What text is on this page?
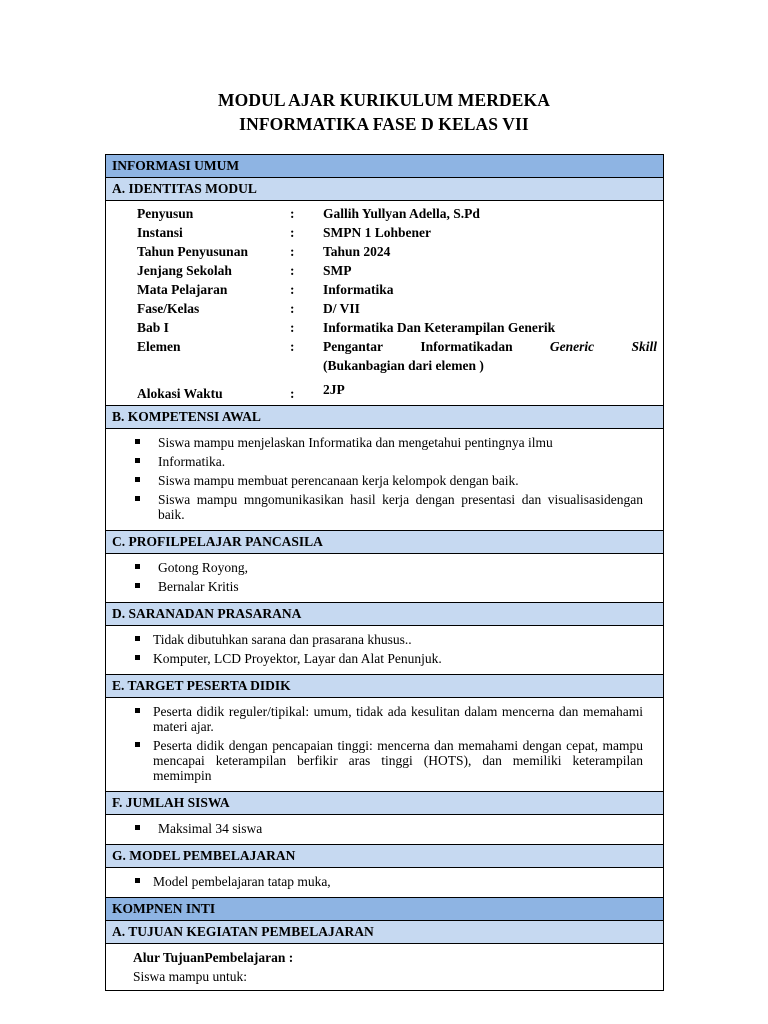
MODUL AJAR KURIKULUM MERDEKA
INFORMATIKA FASE D KELAS VII
INFORMASI UMUM
A. IDENTITAS MODUL
Penyusun	:	Gallih Yullyan Adella, S.Pd
Instansi	:	SMPN 1 Lohbener
Tahun Penyusunan	:	Tahun 2024
Jenjang Sekolah	:	SMP
Mata Pelajaran	:	Informatika
Fase/Kelas	:	D/ VII
Bab I	:	Informatika Dan Keterampilan Generik
Elemen	:	Pengantar	Informatikadan	Generic	Skill
(Bukanbagian dari elemen )
Alokasi Waktu	:	2JP
B. KOMPETENSI AWAL
Siswa mampu menjelaskan Informatika dan mengetahui pentingnya ilmu
Informatika.
Siswa mampu membuat perencanaan kerja kelompok dengan baik.
Siswa mampu mngomunikasikan hasil kerja dengan presentasi dan visualisasidengan baik.
C. PROFILPELAJAR PANCASILA
Gotong Royong,
Bernalar Kritis
D. SARANADAN PRASARANA
Tidak dibutuhkan sarana dan prasarana khusus..
Komputer, LCD Proyektor, Layar dan Alat Penunjuk.
E. TARGET PESERTA DIDIK
Peserta didik reguler/tipikal: umum, tidak ada kesulitan dalam mencerna dan memahami materi ajar.
Peserta didik dengan pencapaian tinggi: mencerna dan memahami dengan cepat, mampu mencapai keterampilan berfikir aras tinggi (HOTS), dan memiliki keterampilan memimpin
F. JUMLAH SISWA
Maksimal 34 siswa
G. MODEL PEMBELAJARAN
Model pembelajaran tatap muka,
KOMPNEN INTI
A. TUJUAN KEGIATAN PEMBELAJARAN
Alur TujuanPembelajaran :
Siswa mampu untuk:
